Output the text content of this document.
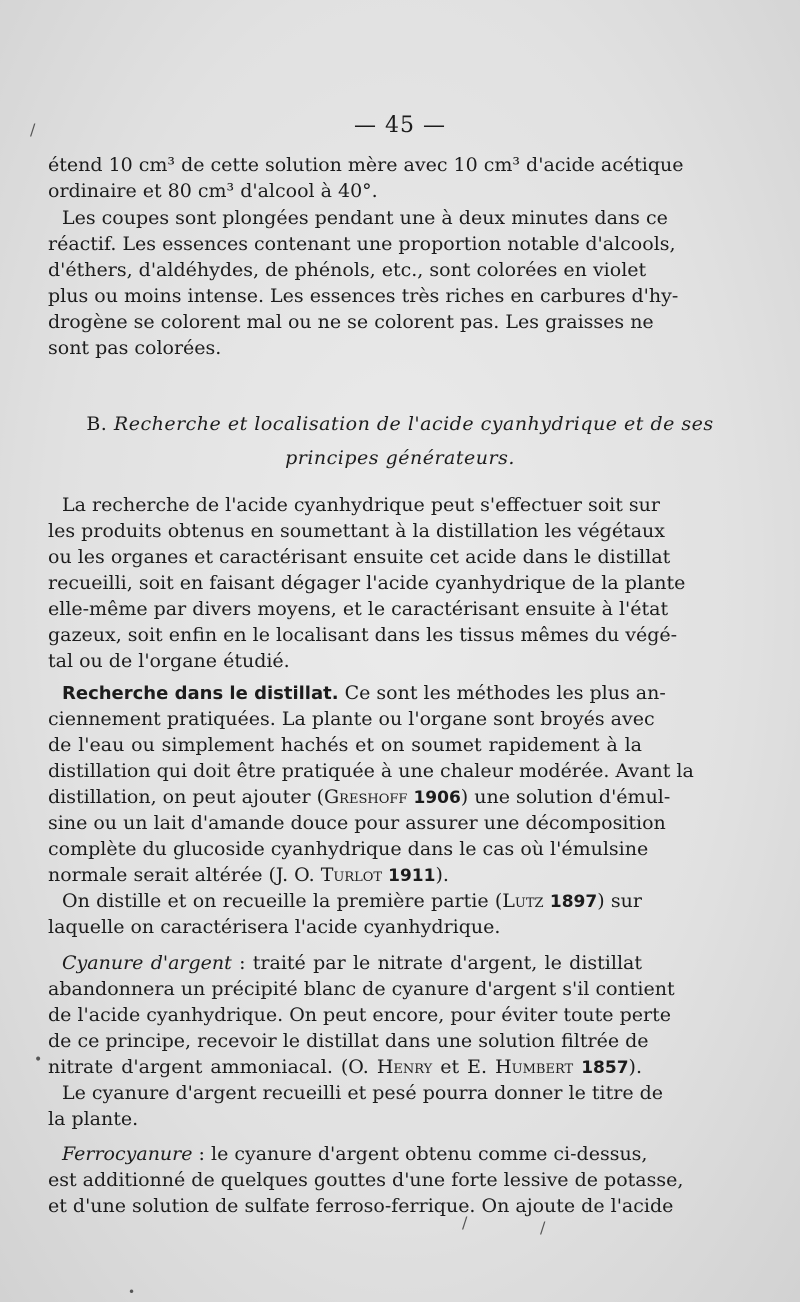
— 45 —
étend 10 cm³ de cette solution mère avec 10 cm³ d'acide acétique
ordinaire et 80 cm³ d'alcool à 40°.
Les coupes sont plongées pendant une à deux minutes dans ce
réactif. Les essences contenant une proportion notable d'alcools,
d'éthers, d'aldéhydes, de phénols, etc., sont colorées en violet
plus ou moins intense. Les essences très riches en carbures d'hy-
drogène se colorent mal ou ne se colorent pas. Les graisses ne
sont pas colorées.
B. Recherche et localisation de l'acide cyanhydrique et de ses
principes générateurs.
La recherche de l'acide cyanhydrique peut s'effectuer soit sur
les produits obtenus en soumettant à la distillation les végétaux
ou les organes et caractérisant ensuite cet acide dans le distillat
recueilli, soit en faisant dégager l'acide cyanhydrique de la plante
elle-même par divers moyens, et le caractérisant ensuite à l'état
gazeux, soit enfin en le localisant dans les tissus mêmes du végé-
tal ou de l'organe étudié.
Recherche dans le distillat. Ce sont les méthodes les plus an-
ciennement pratiquées. La plante ou l'organe sont broyés avec
de l'eau ou simplement hachés et on soumet rapidement à la
distillation qui doit être pratiquée à une chaleur modérée. Avant la
distillation, on peut ajouter (Greshoff 1906) une solution d'émul-
sine ou un lait d'amande douce pour assurer une décomposition
complète du glucoside cyanhydrique dans le cas où l'émulsine
normale serait altérée (J. O. Turlot 1911).
On distille et on recueille la première partie (Lutz 1897) sur
laquelle on caractérisera l'acide cyanhydrique.
Cyanure d'argent : traité par le nitrate d'argent, le distillat
abandonnera un précipité blanc de cyanure d'argent s'il contient
de l'acide cyanhydrique. On peut encore, pour éviter toute perte
de ce principe, recevoir le distillat dans une solution filtrée de
nitrate d'argent ammoniacal. (O. Henry et E. Humbert 1857).
Le cyanure d'argent recueilli et pesé pourra donner le titre de
la plante.
Ferrocyanure : le cyanure d'argent obtenu comme ci-dessus,
est additionné de quelques gouttes d'une forte lessive de potasse,
et d'une solution de sulfate ferroso-ferrique. On ajoute de l'acide
/
/	/
•
•
